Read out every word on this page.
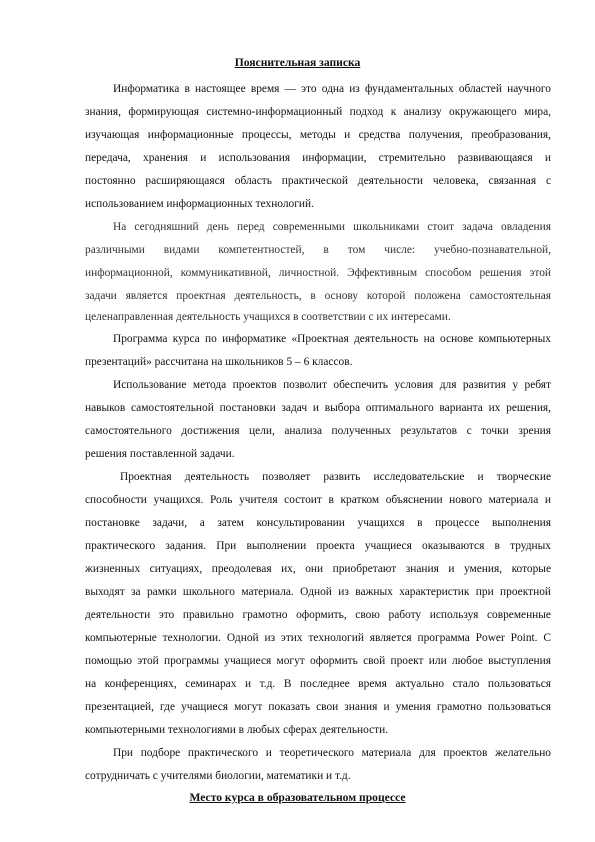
Пояснительная записка
Информатика в настоящее время — это одна из фундаментальных областей научного
знания, формирующая системно-информационный подход к анализу окружающего мира,
изучающая информационные процессы, методы и средства получения, преобразования,
передача, хранения и использования информации, стремительно развивающаяся и
постоянно расширяющаяся область практической деятельности человека, связанная с
использованием информационных технологий.
На сегодняшний день перед современными школьниками стоит задача овладения
различными видами компетентностей, в том числе: учебно-познавательной,
информационной, коммуникативной, личностной. Эффективным способом решения этой
задачи является проектная деятельность, в основу которой положена самостоятельная
целенаправленная деятельность учащихся в соответствии с их интересами.
Программа курса по информатике «Проектная деятельность на основе компьютерных
презентаций» рассчитана на школьников 5 – 6 классов.
Использование метода проектов позволит обеспечить условия для развития у ребят
навыков самостоятельной постановки задач и выбора оптимального варианта их решения,
самостоятельного достижения цели, анализа полученных результатов с точки зрения
решения поставленной задачи.
Проектная деятельность позволяет развить исследовательские и творческие
способности учащихся. Роль учителя состоит в кратком объяснении нового материала и
постановке задачи, а затем консультировании учащихся в процессе выполнения
практического задания. При выполнении проекта учащиеся оказываются в трудных
жизненных ситуациях, преодолевая их, они приобретают знания и умения, которые
выходят за рамки школьного материала. Одной из важных характеристик при проектной
деятельности это правильно грамотно оформить, свою работу используя современные
компьютерные технологии. Одной из этих технологий является программа Power Point. С
помощью этой программы учащиеся могут оформить свой проект или любое выступления
на конференциях, семинарах и т.д. В последнее время актуально стало пользоваться
презентацией, где учащиеся могут показать свои знания и умения грамотно пользоваться
компьютерными технологиями в любых сферах деятельности.
При подборе практического и теоретического материала для проектов желательно
сотрудничать с учителями биологии, математики и т.д.
Место курса в образовательном процессе
